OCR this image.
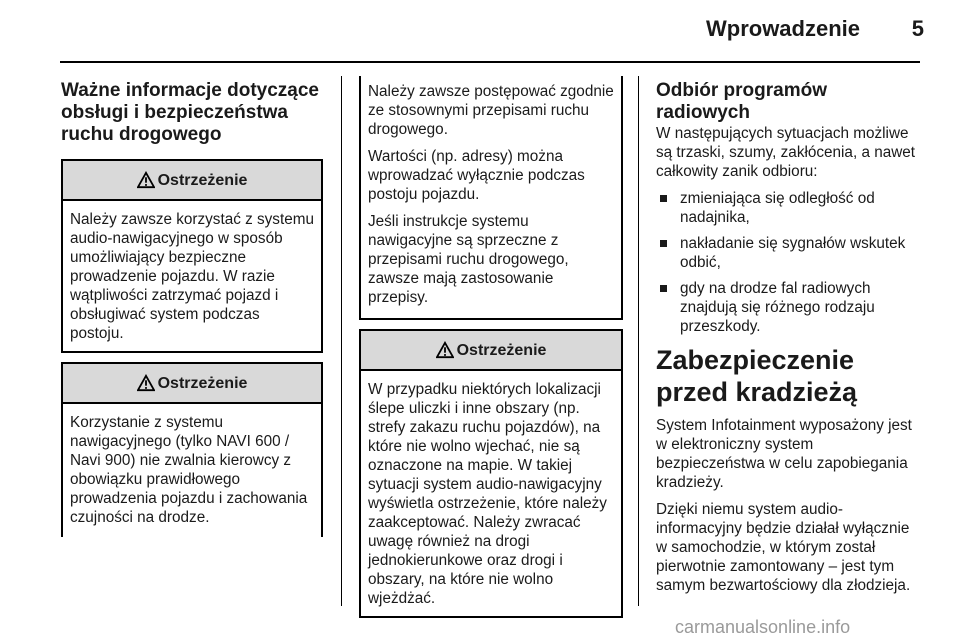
Wprowadzenie	5
Ważne informacje dotyczące obsługi i bezpieczeństwa ruchu drogowego
Ostrzeżenie
Należy zawsze korzystać z systemu audio-nawigacyjnego w sposób umożliwiający bezpieczne prowadzenie pojazdu. W razie wątpliwości zatrzymać pojazd i obsługiwać system podczas postoju.
Ostrzeżenie
Korzystanie z systemu nawigacyjnego (tylko NAVI 600 / Navi 900) nie zwalnia kierowcy z obowiązku prawidłowego prowadzenia pojazdu i zachowania czujności na drodze.

Należy zawsze postępować zgodnie ze stosownymi przepisami ruchu drogowego.

Wartości (np. adresy) można wprowadzać wyłącznie podczas postoju pojazdu.

Jeśli instrukcje systemu nawigacyjne są sprzeczne z przepisami ruchu drogowego, zawsze mają zastosowanie przepisy.

Ostrzeżenie
W przypadku niektórych lokalizacji ślepe uliczki i inne obszary (np. strefy zakazu ruchu pojazdów), na które nie wolno wjechać, nie są oznaczone na mapie. W takiej sytuacji system audio-nawigacyjny wyświetla ostrzeżenie, które należy zaakceptować. Należy zwracać uwagę również na drogi jednokierunkowe oraz drogi i obszary, na które nie wolno wjeżdżać.
Odbiór programów radiowych

W następujących sytuacjach możliwe są trzaski, szumy, zakłócenia, a nawet całkowity zanik odbioru:

zmieniająca się odległość od nadajnika,
nakładanie się sygnałów wskutek odbić,
gdy na drodze fal radiowych znajdują się różnego rodzaju przeszkody.
Zabezpieczenie przed kradzieżą

System Infotainment wyposażony jest w elektroniczny system bezpieczeństwa w celu zapobiegania kradzieży.

Dzięki niemu system audio-informacyjny będzie działał wyłącznie w samochodzie, w którym został pierwotnie zamontowany – jest tym samym bezwartościowy dla złodzieja.

carmanualsonline.info
